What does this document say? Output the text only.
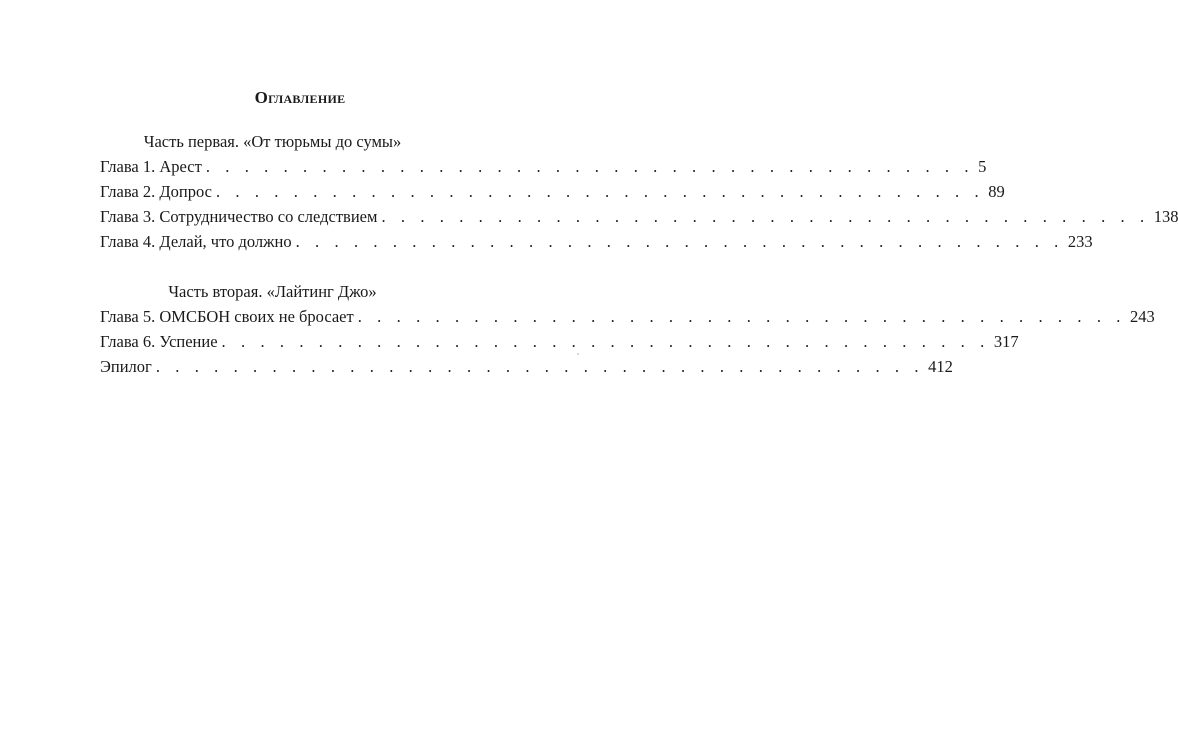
Оглавление
Часть первая. «От тюрьмы до сумы»
Глава 1. Арест . . . . . . . . . . . . . . . . . . . . . . . . . . . . . . . . . . . . . . . . 5
Глава 2. Допрос . . . . . . . . . . . . . . . . . . . . . . . . . . . . . . . . . . . . . . . . 89
Глава 3. Сотрудничество со следствием . . . . . . . . . . . . . . . . . . . . . . . . . . . . . . . . . . . . . . . . 138
Глава 4. Делай, что должно . . . . . . . . . . . . . . . . . . . . . . . . . . . . . . . . . . . . . . . . 233
Часть вторая. «Лайтинг Джо»
Глава 5. ОМСБОН своих не бросает . . . . . . . . . . . . . . . . . . . . . . . . . . . . . . . . . . . . . . . . 243
Глава 6. Успение . . . . . . . . . . . . . . . . . . . . . . . . . . . . . . . . . . . . . . . . 317
Эпилог . . . . . . . . . . . . . . . . . . . . . . . . . . . . . . . . . . . . . . . . 412
